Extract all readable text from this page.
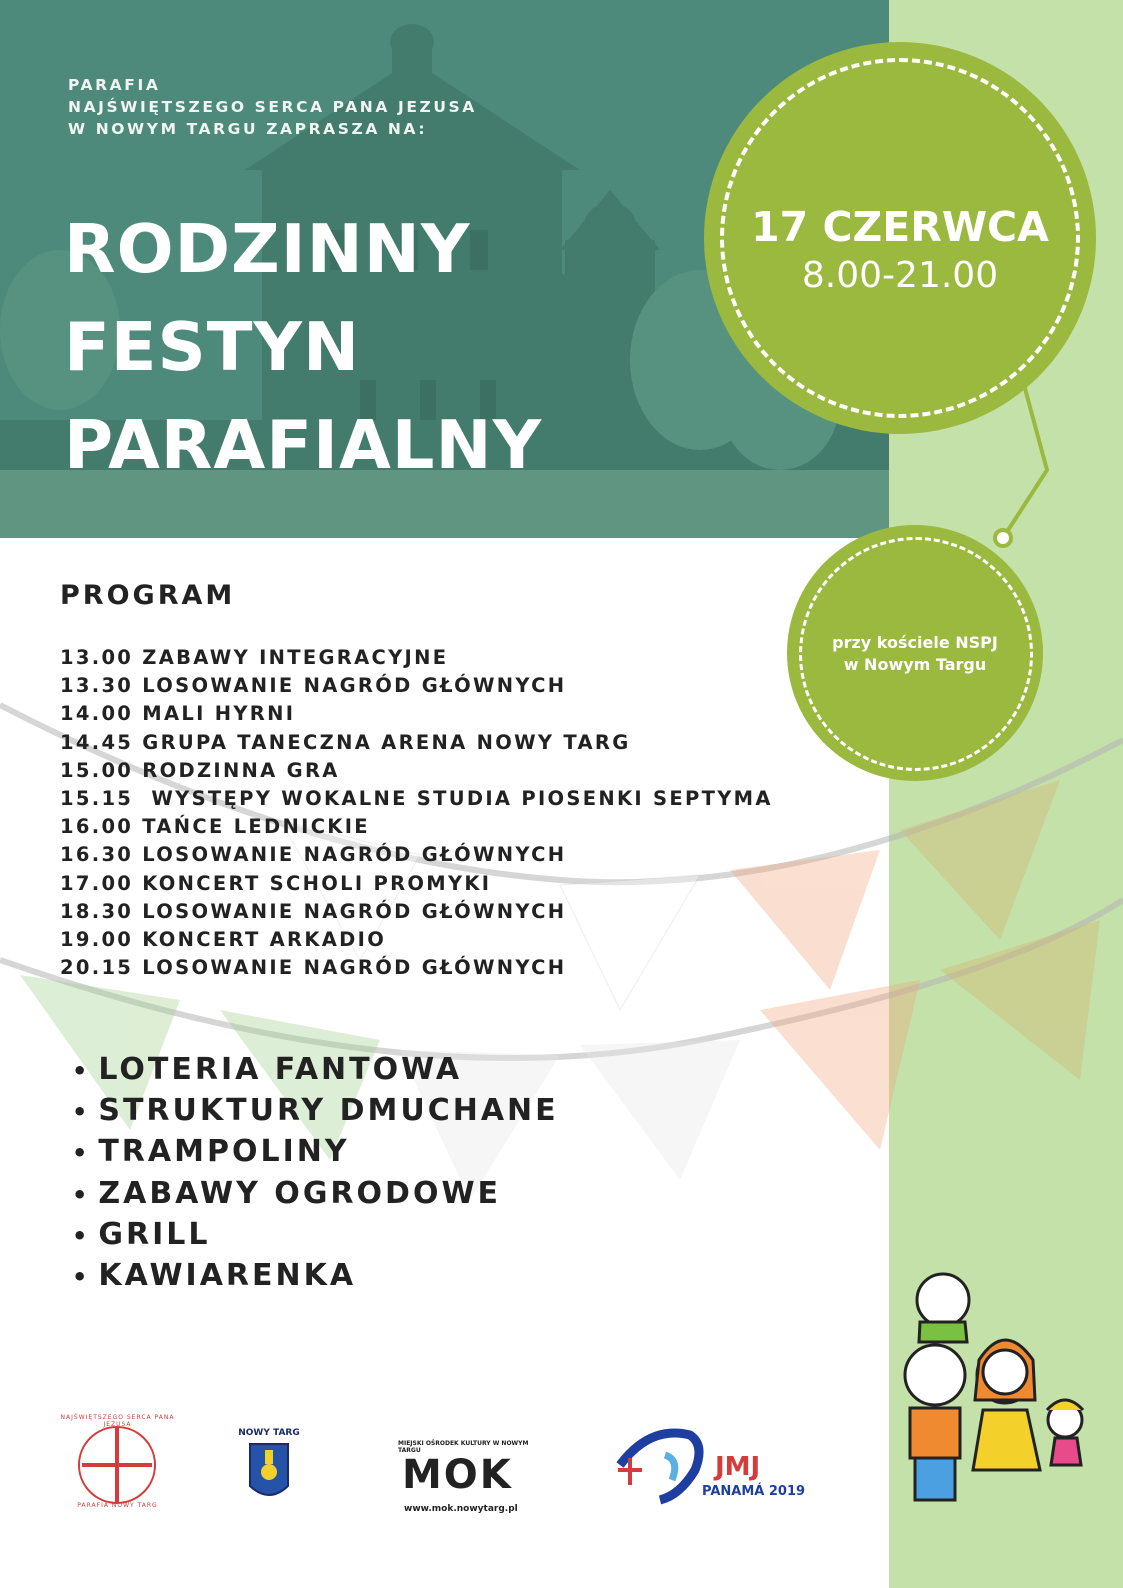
PARAFIA
NAJŚWIĘTSZEGO SERCA PANA JEZUSA
W NOWYM TARGU ZAPRASZA NA:
RODZINNY
FESTYN
PARAFIALNY
17 CZERWCA
8.00-21.00
przy kościele NSPJ
w Nowym Targu
PROGRAM
13.00 ZABAWY INTEGRACYJNE
13.30 LOSOWANIE NAGRÓD GŁÓWNYCH
14.00 MALI HYRNI
14.45 GRUPA TANECZNA ARENA NOWY TARG
15.00 RODZINNA GRA
15.15  WYSTĘPY WOKALNE STUDIA PIOSENKI SEPTYMA
16.00 TAŃCE LEDNICKIE
16.30 LOSOWANIE NAGRÓD GŁÓWNYCH
17.00 KONCERT SCHOLI PROMYKI
18.30 LOSOWANIE NAGRÓD GŁÓWNYCH
19.00 KONCERT ARKADIO
20.15 LOSOWANIE NAGRÓD GŁÓWNYCH
• LOTERIA FANTOWA
• STRUKTURY DMUCHANE
• TRAMPOLINY
• ZABAWY OGRODOWE
• GRILL
• KAWIARENKA
NAJŚWIĘTSZEGO SERCA PANA JEZUSA
PARAFIA NOWY TARG
NOWY TARG
MIEJSKI OŚRODEK KULTURY W NOWYM TARGU
MOK
www.mok.nowytarg.pl
JMJ
PANAMÁ 2019
